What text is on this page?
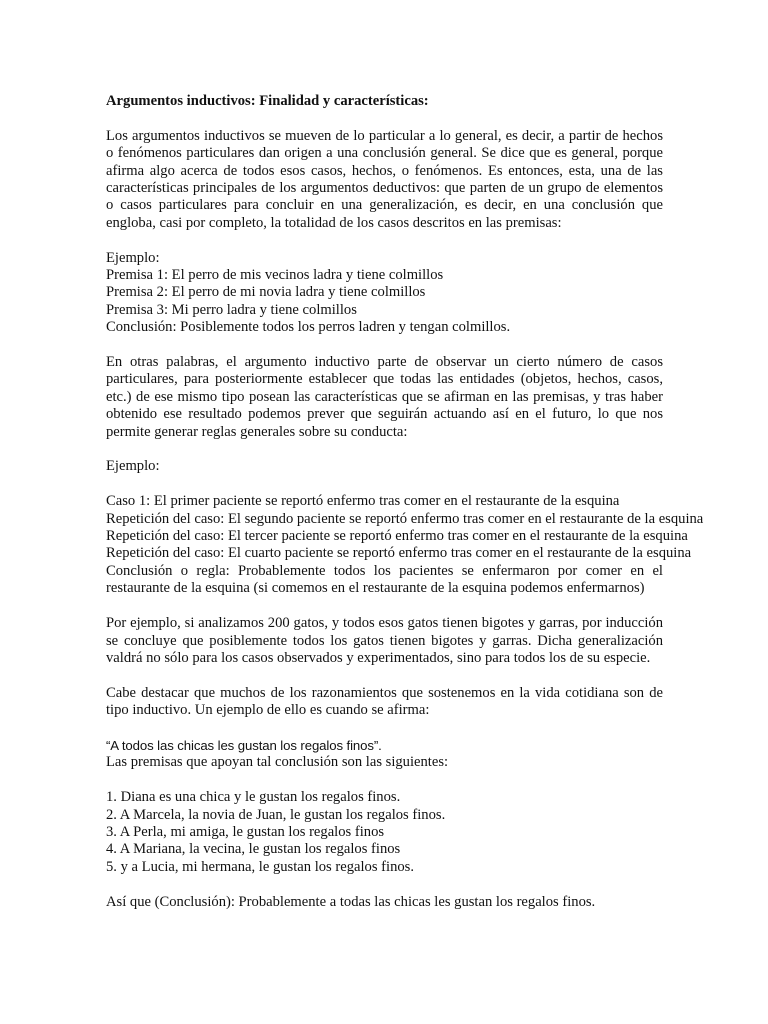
Argumentos inductivos: Finalidad y características:
Los argumentos inductivos se mueven de lo particular a lo general, es decir, a partir de hechos o fenómenos particulares dan origen a una conclusión general. Se dice que es general, porque afirma algo acerca de todos esos casos, hechos, o fenómenos. Es entonces, esta, una de las características principales de los argumentos deductivos: que parten de un grupo de elementos o casos particulares para concluir en una generalización, es decir, en una conclusión que engloba, casi por completo, la totalidad de los casos descritos en las premisas:
Ejemplo:
Premisa 1: El perro de mis vecinos ladra y tiene colmillos
Premisa 2: El perro de mi novia ladra y tiene colmillos
Premisa 3: Mi perro ladra y tiene colmillos
Conclusión: Posiblemente todos los perros ladren y tengan colmillos.
En otras palabras, el argumento inductivo parte de observar un cierto número de casos particulares, para posteriormente establecer que todas las entidades (objetos, hechos, casos, etc.) de ese mismo tipo posean las características que se afirman en las premisas, y tras haber obtenido ese resultado podemos prever que seguirán actuando así en el futuro, lo que nos permite generar reglas generales sobre su conducta:
Ejemplo:
Caso 1: El primer paciente se reportó enfermo tras comer en el restaurante de la esquina
Repetición del caso: El segundo paciente se reportó enfermo tras comer en el restaurante de la esquina
Repetición del caso: El tercer paciente se reportó enfermo tras comer en el restaurante de la esquina
Repetición del caso: El cuarto paciente se reportó enfermo tras comer en el restaurante de la esquina
Conclusión o regla: Probablemente todos los pacientes se enfermaron por comer en el restaurante de la esquina (si comemos en el restaurante de la esquina podemos enfermarnos)
Por ejemplo, si analizamos 200 gatos, y todos esos gatos tienen bigotes y garras, por inducción se concluye que posiblemente todos los gatos tienen bigotes y garras. Dicha generalización valdrá no sólo para los casos observados y experimentados, sino para todos los de su especie.
Cabe destacar que muchos de los razonamientos que sostenemos en la vida cotidiana son de tipo inductivo. Un ejemplo de ello es cuando se afirma:
“A todos las chicas les gustan los regalos finos”.
Las premisas que apoyan tal conclusión son las siguientes:
1. Diana es una chica y le gustan los regalos finos.
2. A Marcela, la novia de Juan, le gustan los regalos finos.
3. A Perla, mi amiga, le gustan los regalos finos
4. A Mariana, la vecina, le gustan los regalos finos
5. y a Lucia, mi hermana, le gustan los regalos finos.
Así que (Conclusión): Probablemente a todas las chicas les gustan los regalos finos.
